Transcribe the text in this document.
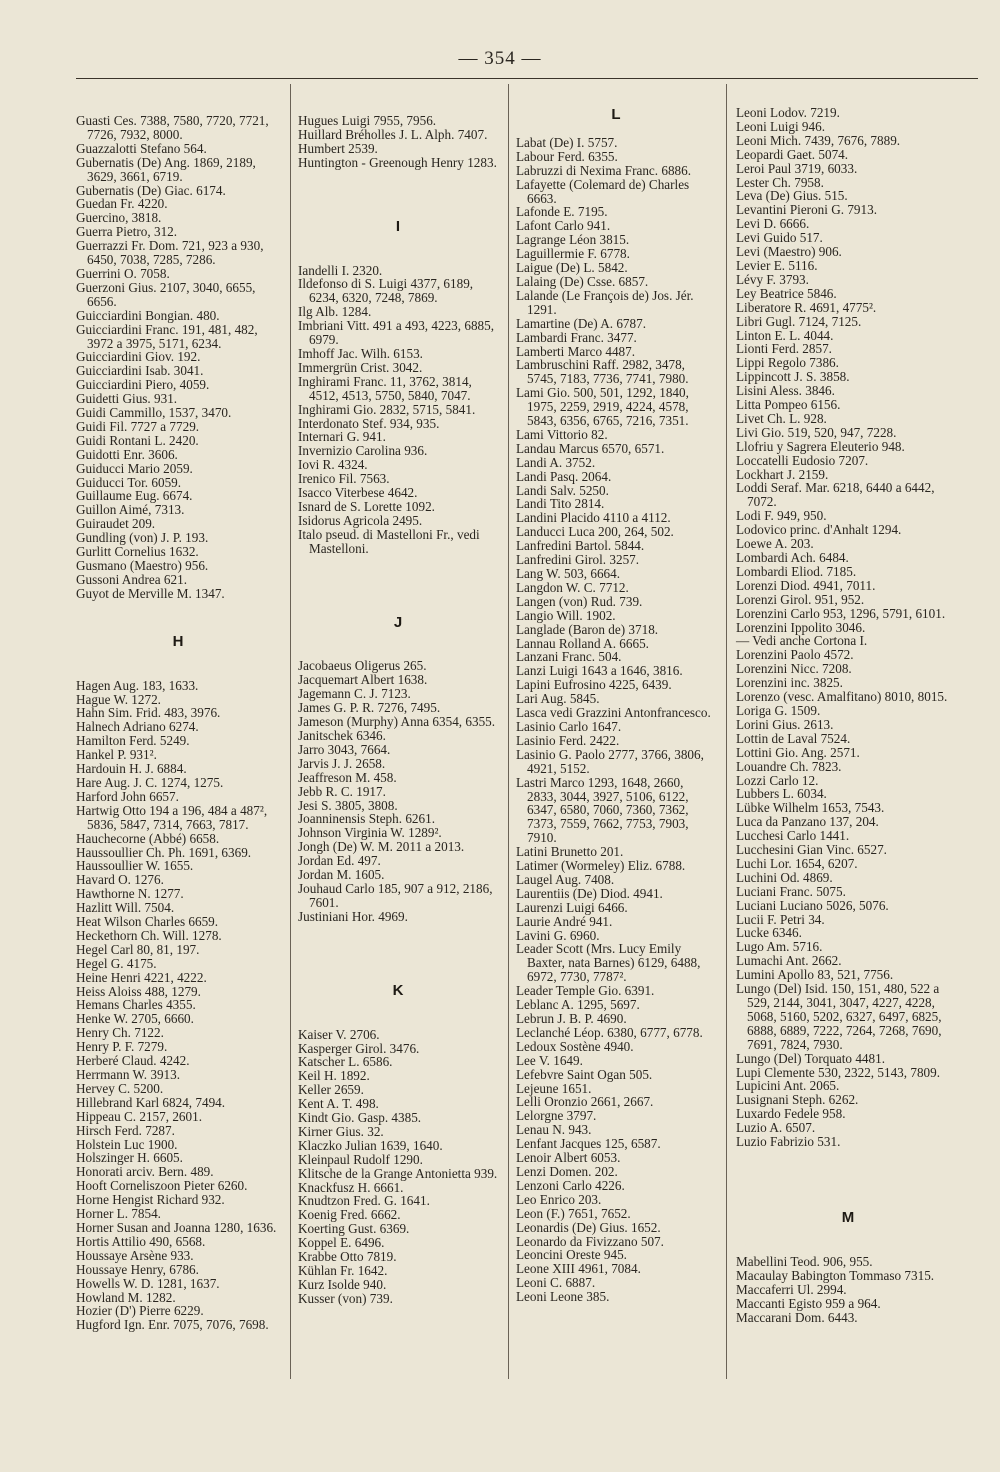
— 354 —
Guasti Ces. 7388, 7580, 7720, 7721, 7726, 7932, 8000.
Guazzalotti Stefano 564.
Gubernatis (De) Ang. 1869, 2189, 3629, 3661, 6719.
Gubernatis (De) Giac. 6174.
Guedan Fr. 4220.
Guercino, 3818.
Guerra Pietro, 312.
Guerrazzi Fr. Dom. 721, 923 a 930, 6450, 7038, 7285, 7286.
Guerrini O. 7058.
Guerzoni Gius. 2107, 3040, 6655, 6656.
Guicciardini Bongian. 480.
Guicciardini Franc. 191, 481, 482, 3972 a 3975, 5171, 6234.
Guicciardini Giov. 192.
Guicciardini Isab. 3041.
Guicciardini Piero, 4059.
Guidetti Gius. 931.
Guidi Cammillo, 1537, 3470.
Guidi Fil. 7727 a 7729.
Guidi Rontani L. 2420.
Guidotti Enr. 3606.
Guiducci Mario 2059.
Guiducci Tor. 6059.
Guillaume Eug. 6674.
Guillon Aimé, 7313.
Guiraudet 209.
Gundling (von) J. P. 193.
Gurlitt Cornelius 1632.
Gusmano (Maestro) 956.
Gussoni Andrea 621.
Guyot de Merville M. 1347.
H
Hagen Aug. 183, 1633.
Hague W. 1272.
Hahn Sim. Frid. 483, 3976.
Halnech Adriano 6274.
Hamilton Ferd. 5249.
Hankel P. 931².
Hardouin H. J. 6884.
Hare Aug. J. C. 1274, 1275.
Harford John 6657.
Hartwig Otto 194 a 196, 484 a 487², 5836, 5847, 7314, 7663, 7817.
Hauchecorne (Abbé) 6658.
Haussoullier Ch. Ph. 1691, 6369.
Haussoullier W. 1655.
Havard O. 1276.
Hawthorne N. 1277.
Hazlitt Will. 7504.
Heat Wilson Charles 6659.
Heckethorn Ch. Will. 1278.
Hegel Carl 80, 81, 197.
Hegel G. 4175.
Heine Henri 4221, 4222.
Heiss Aloiss 488, 1279.
Hemans Charles 4355.
Henke W. 2705, 6660.
Henry Ch. 7122.
Henry P. F. 7279.
Herberé Claud. 4242.
Herrmann W. 3913.
Hervey C. 5200.
Hillebrand Karl 6824, 7494.
Hippeau C. 2157, 2601.
Hirsch Ferd. 7287.
Holstein Luc 1900.
Holszinger H. 6605.
Honorati arciv. Bern. 489.
Hooft Corneliszoon Pieter 6260.
Horne Hengist Richard 932.
Horner L. 7854.
Horner Susan and Joanna 1280, 1636.
Hortis Attilio 490, 6568.
Houssaye Arsène 933.
Houssaye Henry, 6786.
Howells W. D. 1281, 1637.
Howland M. 1282.
Hozier (D') Pierre 6229.
Hugford Ign. Enr. 7075, 7076, 7698.
Hugues Luigi 7955, 7956.
Huillard Bréholles J. L. Alph. 7407.
Humbert 2539.
Huntington - Greenough Henry 1283.
I
Iandelli I. 2320.
Ildefonso di S. Luigi 4377, 6189, 6234, 6320, 7248, 7869.
Ilg Alb. 1284.
Imbriani Vitt. 491 a 493, 4223, 6885, 6979.
Imhoff Jac. Wilh. 6153.
Immergrün Crist. 3042.
Inghirami Franc. 11, 3762, 3814, 4512, 4513, 5750, 5840, 7047.
Inghirami Gio. 2832, 5715, 5841.
Interdonato Stef. 934, 935.
Internari G. 941.
Invernizio Carolina 936.
Iovi R. 4324.
Irenico Fil. 7563.
Isacco Viterbese 4642.
Isnard de S. Lorette 1092.
Isidorus Agricola 2495.
Italo pseud. di Mastelloni Fr., vedi Mastelloni.
J
Jacobaeus Oligerus 265.
Jacquemart Albert 1638.
Jagemann C. J. 7123.
James G. P. R. 7276, 7495.
Jameson (Murphy) Anna 6354, 6355.
Janitschek 6346.
Jarro 3043, 7664.
Jarvis J. J. 2658.
Jeaffreson M. 458.
Jebb R. C. 1917.
Jesi S. 3805, 3808.
Joanninensis Steph. 6261.
Johnson Virginia W. 1289².
Jongh (De) W. M. 2011 a 2013.
Jordan Ed. 497.
Jordan M. 1605.
Jouhaud Carlo 185, 907 a 912, 2186, 7601.
Justiniani Hor. 4969.
K
Kaiser V. 2706.
Kasperger Girol. 3476.
Katscher L. 6586.
Keil H. 1892.
Keller 2659.
Kent A. T. 498.
Kindt Gio. Gasp. 4385.
Kirner Gius. 32.
Klaczko Julian 1639, 1640.
Kleinpaul Rudolf 1290.
Klitsche de la Grange Antonietta 939.
Knackfusz H. 6661.
Knudtzon Fred. G. 1641.
Koenig Fred. 6662.
Koerting Gust. 6369.
Koppel E. 6496.
Krabbe Otto 7819.
Kühlan Fr. 1642.
Kurz Isolde 940.
Kusser (von) 739.
L
Labat (De) I. 5757.
Labour Ferd. 6355.
Labruzzi di Nexima Franc. 6886.
Lafayette (Colemard de) Charles 6663.
Lafonde E. 7195.
Lafont Carlo 941.
Lagrange Léon 3815.
Laguillermie F. 6778.
Laigue (De) L. 5842.
Lalaing (De) Csse. 6857.
Lalande (Le François de) Jos. Jér. 1291.
Lamartine (De) A. 6787.
Lambardi Franc. 3477.
Lamberti Marco 4487.
Lambruschini Raff. 2982, 3478, 5745, 7183, 7736, 7741, 7980.
Lami Gio. 500, 501, 1292, 1840, 1975, 2259, 2919, 4224, 4578, 5843, 6356, 6765, 7216, 7351.
Lami Vittorio 82.
Landau Marcus 6570, 6571.
Landi A. 3752.
Landi Pasq. 2064.
Landi Salv. 5250.
Landi Tito 2814.
Landini Placido 4110 a 4112.
Landucci Luca 200, 264, 502.
Lanfredini Bartol. 5844.
Lanfredini Girol. 3257.
Lang W. 503, 6664.
Langdon W. C. 7712.
Langen (von) Rud. 739.
Langio Will. 1902.
Langlade (Baron de) 3718.
Lannau Rolland A. 6665.
Lanzani Franc. 504.
Lanzi Luigi 1643 a 1646, 3816.
Lapini Eufrosino 4225, 6439.
Lari Aug. 5845.
Lasca vedi Grazzini Antonfrancesco.
Lasinio Carlo 1647.
Lasinio Ferd. 2422.
Lasinio G. Paolo 2777, 3766, 3806, 4921, 5152.
Lastri Marco 1293, 1648, 2660, 2833, 3044, 3927, 5106, 6122, 6347, 6580, 7060, 7360, 7362, 7373, 7559, 7662, 7753, 7903, 7910.
Latini Brunetto 201.
Latimer (Wormeley) Eliz. 6788.
Laugel Aug. 7408.
Laurentiis (De) Diod. 4941.
Laurenzi Luigi 6466.
Laurie André 941.
Lavini G. 6960.
Leader Scott (Mrs. Lucy Emily Baxter, nata Barnes) 6129, 6488, 6972, 7730, 7787².
Leader Temple Gio. 6391.
Leblanc A. 1295, 5697.
Lebrun J. B. P. 4690.
Leclanché Léop. 6380, 6777, 6778.
Ledoux Sostène 4940.
Lee V. 1649.
Lefebvre Saint Ogan 505.
Lejeune 1651.
Lelli Oronzio 2661, 2667.
Lelorgne 3797.
Lenau N. 943.
Lenfant Jacques 125, 6587.
Lenoir Albert 6053.
Lenzi Domen. 202.
Lenzoni Carlo 4226.
Leo Enrico 203.
Leon (F.) 7651, 7652.
Leonardis (De) Gius. 1652.
Leonardo da Fivizzano 507.
Leoncini Oreste 945.
Leone XIII 4961, 7084.
Leoni C. 6887.
Leoni Leone 385.
Leoni Lodov. 7219.
Leoni Luigi 946.
Leoni Mich. 7439, 7676, 7889.
Leopardi Gaet. 5074.
Leroi Paul 3719, 6033.
Lester Ch. 7958.
Leva (De) Gius. 515.
Levantini Pieroni G. 7913.
Levi D. 6666.
Levi Guido 517.
Levi (Maestro) 906.
Levier E. 5116.
Lévy F. 3793.
Ley Beatrice 5846.
Liberatore R. 4691, 4775².
Libri Gugl. 7124, 7125.
Linton E. L. 4044.
Lionti Ferd. 2857.
Lippi Regolo 7386.
Lippincott J. S. 3858.
Lisini Aless. 3846.
Litta Pompeo 6156.
Livet Ch. L. 928.
Livi Gio. 519, 520, 947, 7228.
Llofriu y Sagrera Eleuterio 948.
Loccatelli Eudosio 7207.
Lockhart J. 2159.
Loddi Seraf. Mar. 6218, 6440 a 6442, 7072.
Lodi F. 949, 950.
Lodovico princ. d'Anhalt 1294.
Loewe A. 203.
Lombardi Ach. 6484.
Lombardi Eliod. 7185.
Lorenzi Diod. 4941, 7011.
Lorenzi Girol. 951, 952.
Lorenzini Carlo 953, 1296, 5791, 6101.
Lorenzini Ippolito 3046.
— Vedi anche Cortona I.
Lorenzini Paolo 4572.
Lorenzini Nicc. 7208.
Lorenzini inc. 3825.
Lorenzo (vesc. Amalfitano) 8010, 8015.
Loriga G. 1509.
Lorini Gius. 2613.
Lottin de Laval 7524.
Lottini Gio. Ang. 2571.
Louandre Ch. 7823.
Lozzi Carlo 12.
Lubbers L. 6034.
Lübke Wilhelm 1653, 7543.
Luca da Panzano 137, 204.
Lucchesi Carlo 1441.
Lucchesini Gian Vinc. 6527.
Luchi Lor. 1654, 6207.
Luchini Od. 4869.
Luciani Franc. 5075.
Luciani Luciano 5026, 5076.
Lucii F. Petri 34.
Lucke 6346.
Lugo Am. 5716.
Lumachi Ant. 2662.
Lumini Apollo 83, 521, 7756.
Lungo (Del) Isid. 150, 151, 480, 522 a 529, 2144, 3041, 3047, 4227, 4228, 5068, 5160, 5202, 6327, 6497, 6825, 6888, 6889, 7222, 7264, 7268, 7690, 7691, 7824, 7930.
Lungo (Del) Torquato 4481.
Lupi Clemente 530, 2322, 5143, 7809.
Lupicini Ant. 2065.
Lusignani Steph. 6262.
Luxardo Fedele 958.
Luzio A. 6507.
Luzio Fabrizio 531.
M
Mabellini Teod. 906, 955.
Macaulay Babington Tommaso 7315.
Maccaferri Ul. 2994.
Maccanti Egisto 959 a 964.
Maccarani Dom. 6443.
